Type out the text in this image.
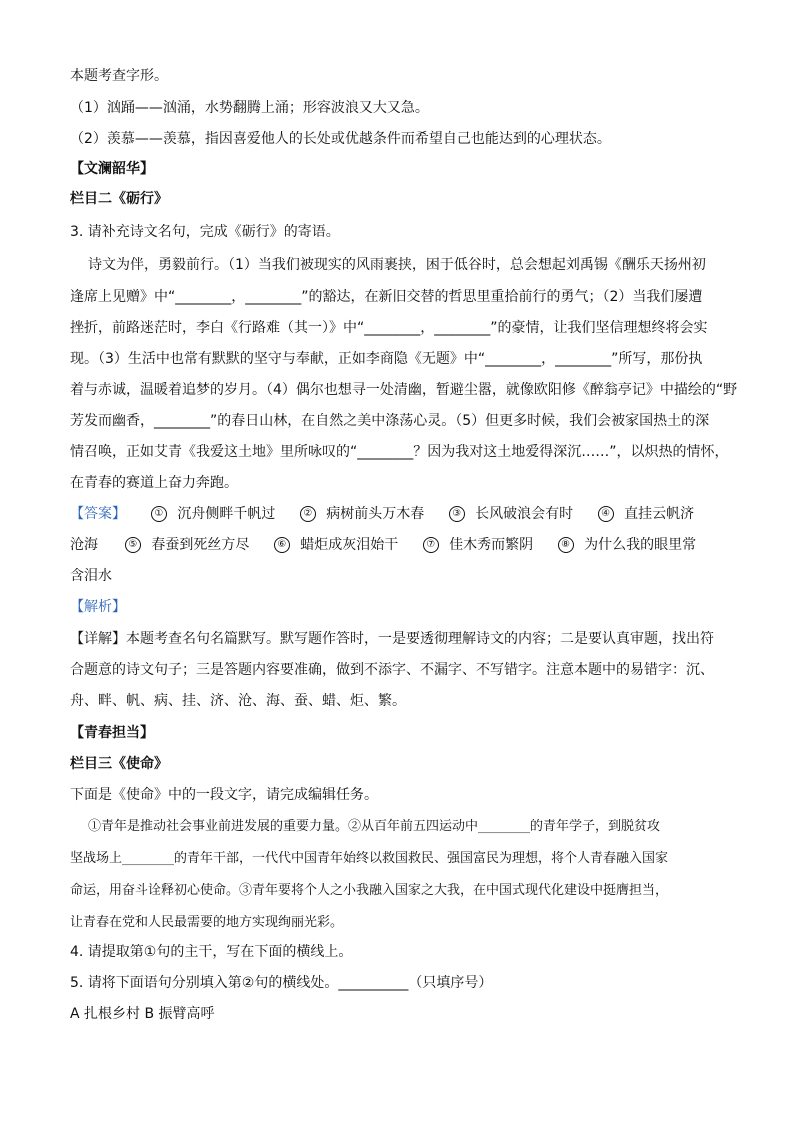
本题考查字形。
（1）汹踊——汹涌，水势翻腾上涌；形容波浪又大又急。
（2）羡慕——羡慕，指因喜爱他人的长处或优越条件而希望自己也能达到的心理状态。
【文澜韶华】
栏目二《砺行》
3. 请补充诗文名句，完成《砺行》的寄语。
诗文为伴，勇毅前行。（1）当我们被现实的风雨裹挟，困于低谷时，总会想起刘禹锡《酬乐天扬州初
逢席上见赠》中“________，________”的豁达，在新旧交替的哲思里重拾前行的勇气；（2）当我们屡遭
挫折，前路迷茫时，李白《行路难（其一）》中“________，________”的豪情，让我们坚信理想终将会实
现。（3）生活中也常有默默的坚守与奉献，正如李商隐《无题》中“________，________”所写，那份执
着与赤诚，温暖着追梦的岁月。（4）偶尔也想寻一处清幽，暂避尘嚣，就像欧阳修《醉翁亭记》中描绘的“野
芳发而幽香，________”的春日山林，在自然之美中涤荡心灵。（5）但更多时候，我们会被家国热土的深
情召唤，正如艾青《我爱这土地》里所咏叹的“________？因为我对这土地爱得深沉……”，以炽热的情怀，
在青春的赛道上奋力奔跑。
【答案】	① 沉舟侧畔千帆过	② 病树前头万木春	③ 长风破浪会有时	④ 直挂云帆济
沧海	⑤ 春蚕到死丝方尽	⑥ 蜡炬成灰泪始干	⑦ 佳木秀而繁阴	⑧ 为什么我的眼里常
含泪水
【解析】
【详解】本题考查名句名篇默写。默写题作答时，一是要透彻理解诗文的内容；二是要认真审题，找出符
合题意的诗文句子；三是答题内容要准确，做到不添字、不漏字、不写错字。注意本题中的易错字：沉、
舟、畔、帆、病、挂、济、沧、海、蚕、蜡、炬、繁。
【青春担当】
栏目三《使命》
下面是《使命》中的一段文字，请完成编辑任务。
①青年是推动社会事业前进发展的重要力量。②从百年前五四运动中________的青年学子，到脱贫攻
坚战场上________的青年干部，一代代中国青年始终以救国救民、强国富民为理想，将个人青春融入国家
命运，用奋斗诠释初心使命。③青年要将个人之小我融入国家之大我，在中国式现代化建设中挺膺担当，
让青春在党和人民最需要的地方实现绚丽光彩。
4. 请提取第①句的主干，写在下面的横线上。
5. 请将下面语句分别填入第②句的横线处。__________（只填序号）
A 扎根乡村 B 振臂高呼
